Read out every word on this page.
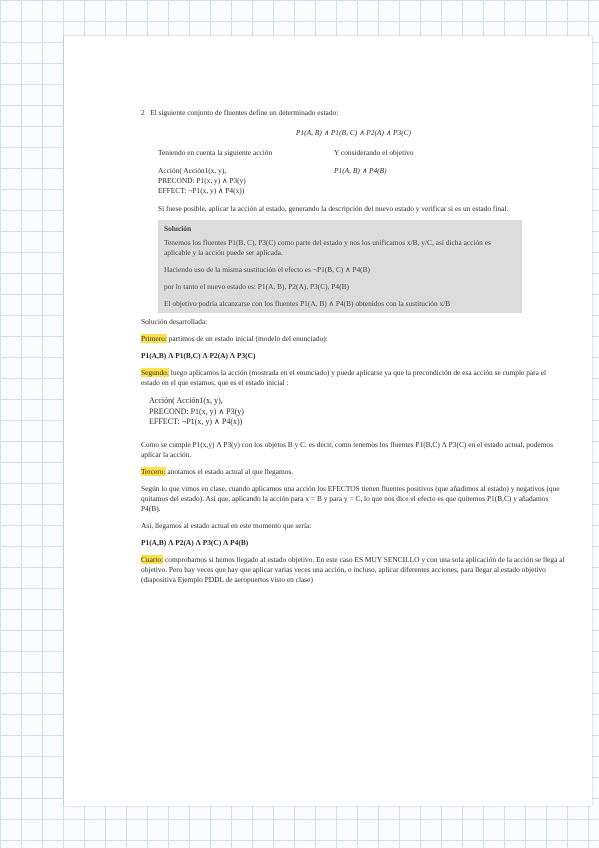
2 El siguiente conjunto de fluentes define un determinado estado:
P1(A, B) ∧ P1(B, C) ∧ P2(A) ∧ P3(C)
Teniendo en cuenta la siguiente acción	Y considerando el objetivo
Acción( Acción1(x, y),
PRECOND: P1(x, y) ∧ P3(y)
EFFECT: ¬P1(x, y) ∧ P4(x))
P1(A, B) ∧ P4(B)
Si fuese posible, aplicar la acción al estado, generando la descripción del nuevo estado y verificar si es un estado final.

Solución

Tenemos los fluentes P1(B, C), P3(C) como parte del estado y nos los unificamos x/B, y/C, así dicha acción es aplicable y la acción puede ser aplicada.

Haciendo uso de la misma sustitución el efecto es ¬P1(B, C) ∧ P4(B)

por lo tanto el nuevo estado es: P1(A, B), P2(A), P3(C), P4(B)

El objetivo podría alcanzarse con los fluentes P1(A, B) ∧ P4(B) obtenidos con la sustitución x/B

Solución desarrollada:

Primero: partimos de un estado inicial (modelo del enunciado):

P1(A,B) Λ P1(B,C) Λ P2(A) Λ P3(C)

Segundo: luego aplicamos la acción (mostrada en el enunciado) y puede aplicarse ya que la precondición de esa acción se cumple para el estado en el que estamos, que es el estado inicial :

Acción( Acción1(x, y),
PRECOND: P1(x, y) ∧ P3(y)
EFFECT: ¬P1(x, y) ∧ P4(x))

Como se cumple P1(x,y) Λ P3(y) con los objetos B y C. es decir, como tenemos los fluentes P1(B,C) Λ P3(C) en el estado actual, podemos aplicar la acción.

Tercero: anotamos el estado actual al que llegamos.

Según lo que vimos en clase, cuando aplicamos una acción los EFECTOS tienen fluentes positivos (que añadimos al estado) y negativos (que quitamos del estado). Así que, aplicando la acción para x = B y para y = C, lo que nos dice el efecto es que quitemos P1(B,C) y añadamos P4(B).

Así, llegamos al estado actual en este momento que sería:

P1(A,B) Λ P2(A) Λ P3(C) Λ P4(B)

Cuarto: comprobamos si hemos llegado al estado objetivo. En este caso ES MUY SENCILLO y con una sola aplicación de la acción se llega al objetivo. Pero hay veces que hay que aplicar varias veces una acción, o incluso, aplicar diferentes acciones, para llegar al estado objetivo (diapositiva Ejemplo PDDL de aeropuertos visto en clase)
